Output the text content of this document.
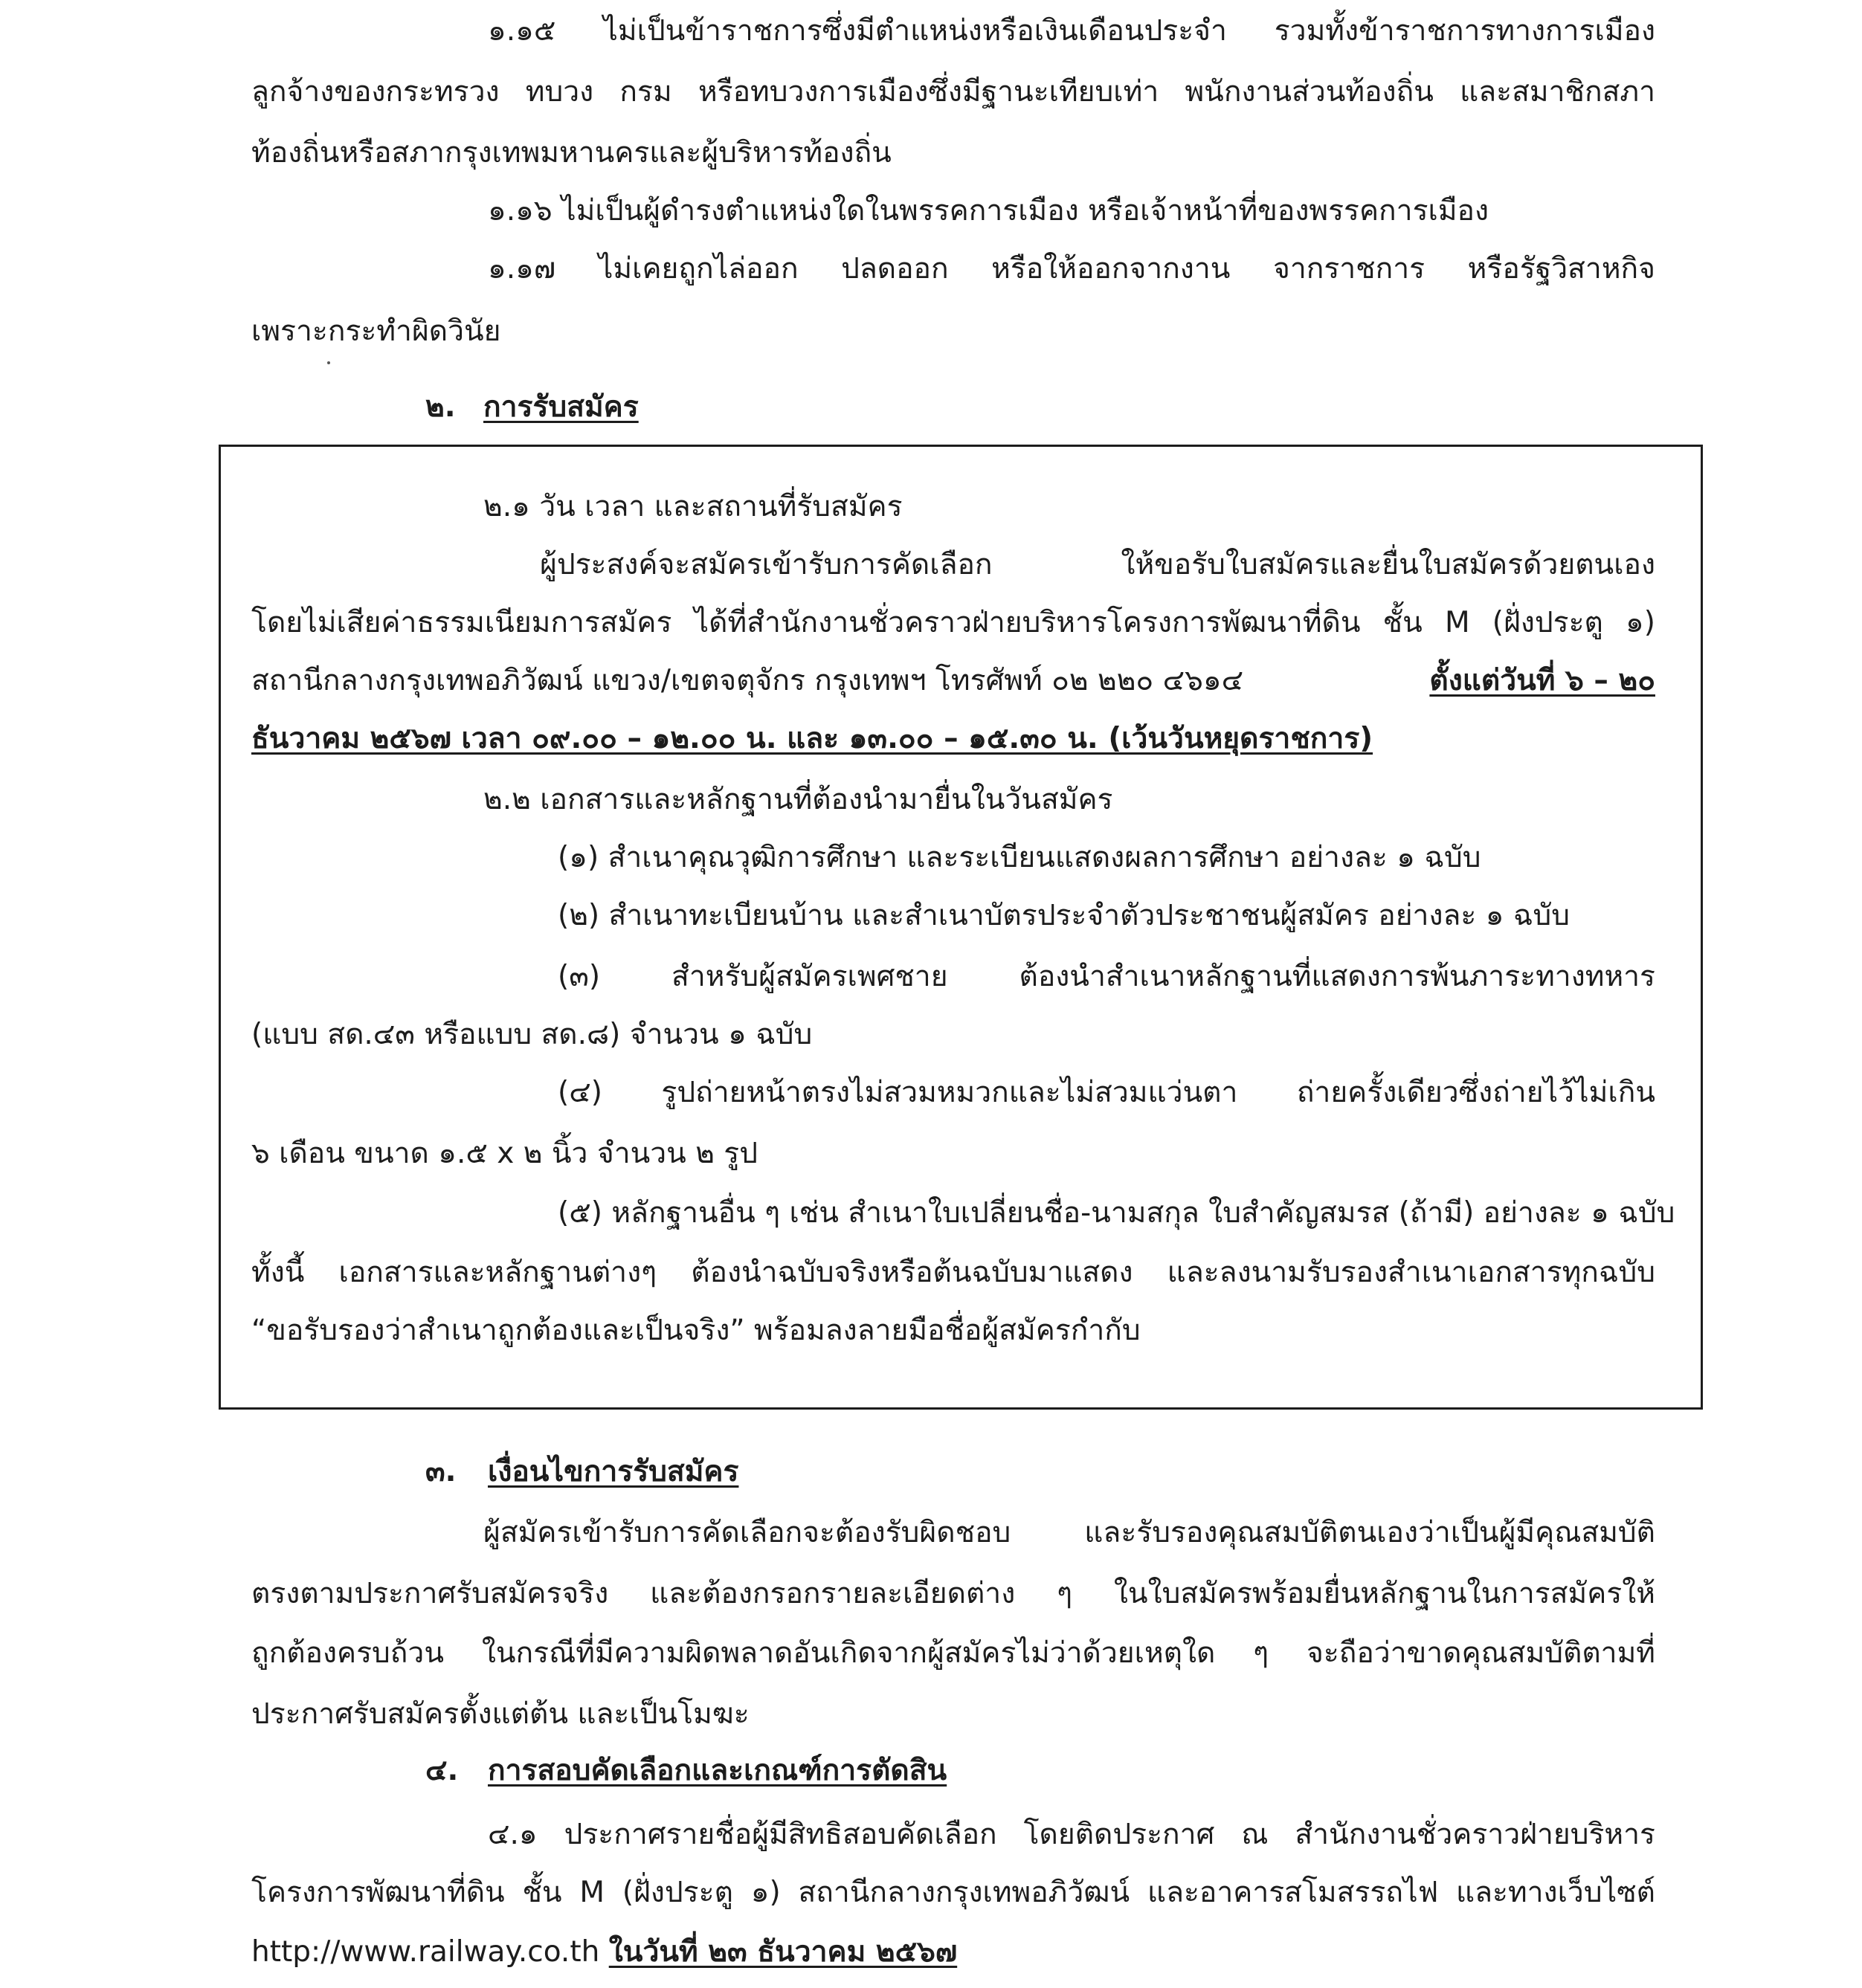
๑.๑๕ ไม่เป็นข้าราชการซึ่งมีตำแหน่งหรือเงินเดือนประจำ รวมทั้งข้าราชการทางการเมือง

ลูกจ้างของกระทรวง ทบวง กรม หรือทบวงการเมืองซึ่งมีฐานะเทียบเท่า พนักงานส่วนท้องถิ่น และสมาชิกสภา

ท้องถิ่นหรือสภากรุงเทพมหานครและผู้บริหารท้องถิ่น

๑.๑๖ ไม่เป็นผู้ดำรงตำแหน่งใดในพรรคการเมือง หรือเจ้าหน้าที่ของพรรคการเมือง

๑.๑๗ ไม่เคยถูกไล่ออก ปลดออก หรือให้ออกจากงาน จากราชการ หรือรัฐวิสาหกิจ

เพราะกระทำผิดวินัย

๒. การรับสมัคร

๒.๑ วัน เวลา และสถานที่รับสมัคร

ผู้ประสงค์จะสมัครเข้ารับการคัดเลือก ให้ขอรับใบสมัครและยื่นใบสมัครด้วยตนเอง

โดยไม่เสียค่าธรรมเนียมการสมัคร ได้ที่สำนักงานชั่วคราวฝ่ายบริหารโครงการพัฒนาที่ดิน ชั้น M (ฝั่งประตู ๑)

สถานีกลางกรุงเทพอภิวัฒน์ แขวง/เขตจตุจักร กรุงเทพฯ โทรศัพท์ ๐๒ ๒๒๐ ๔๖๑๔	ตั้งแต่วันที่ ๖ – ๒๐

ธันวาคม ๒๕๖๗ เวลา ๐๙.๐๐ – ๑๒.๐๐ น. และ ๑๓.๐๐ – ๑๕.๓๐ น. (เว้นวันหยุดราชการ)

๒.๒ เอกสารและหลักฐานที่ต้องนำมายื่นในวันสมัคร

(๑) สำเนาคุณวุฒิการศึกษา และระเบียนแสดงผลการศึกษา อย่างละ ๑ ฉบับ

(๒) สำเนาทะเบียนบ้าน และสำเนาบัตรประจำตัวประชาชนผู้สมัคร อย่างละ ๑ ฉบับ

(๓) สำหรับผู้สมัครเพศชาย ต้องนำสำเนาหลักฐานที่แสดงการพ้นภาระทางทหาร

(แบบ สด.๔๓ หรือแบบ สด.๘) จำนวน ๑ ฉบับ

(๔) รูปถ่ายหน้าตรงไม่สวมหมวกและไม่สวมแว่นตา ถ่ายครั้งเดียวซึ่งถ่ายไว้ไม่เกิน

๖ เดือน ขนาด ๑.๕ x ๒ นิ้ว จำนวน ๒ รูป

(๕) หลักฐานอื่น ๆ เช่น สำเนาใบเปลี่ยนชื่อ-นามสกุล ใบสำคัญสมรส (ถ้ามี) อย่างละ ๑ ฉบับ

ทั้งนี้ เอกสารและหลักฐานต่างๆ ต้องนำฉบับจริงหรือต้นฉบับมาแสดง และลงนามรับรองสำเนาเอกสารทุกฉบับ

“ขอรับรองว่าสำเนาถูกต้องและเป็นจริง” พร้อมลงลายมือชื่อผู้สมัครกำกับ

๓. เงื่อนไขการรับสมัคร

ผู้สมัครเข้ารับการคัดเลือกจะต้องรับผิดชอบ และรับรองคุณสมบัติตนเองว่าเป็นผู้มีคุณสมบัติ

ตรงตามประกาศรับสมัครจริง และต้องกรอกรายละเอียดต่าง ๆ ในใบสมัครพร้อมยื่นหลักฐานในการสมัครให้

ถูกต้องครบถ้วน ในกรณีที่มีความผิดพลาดอันเกิดจากผู้สมัครไม่ว่าด้วยเหตุใด ๆ จะถือว่าขาดคุณสมบัติตามที่

ประกาศรับสมัครตั้งแต่ต้น และเป็นโมฆะ

๔. การสอบคัดเลือกและเกณฑ์การตัดสิน

๔.๑ ประกาศรายชื่อผู้มีสิทธิสอบคัดเลือก โดยติดประกาศ ณ สำนักงานชั่วคราวฝ่ายบริหาร

โครงการพัฒนาที่ดิน ชั้น M (ฝั่งประตู ๑) สถานีกลางกรุงเทพอภิวัฒน์ และอาคารสโมสรรถไฟ และทางเว็บไซต์

http://www.railway.co.th ในวันที่ ๒๓ ธันวาคม ๒๕๖๗
